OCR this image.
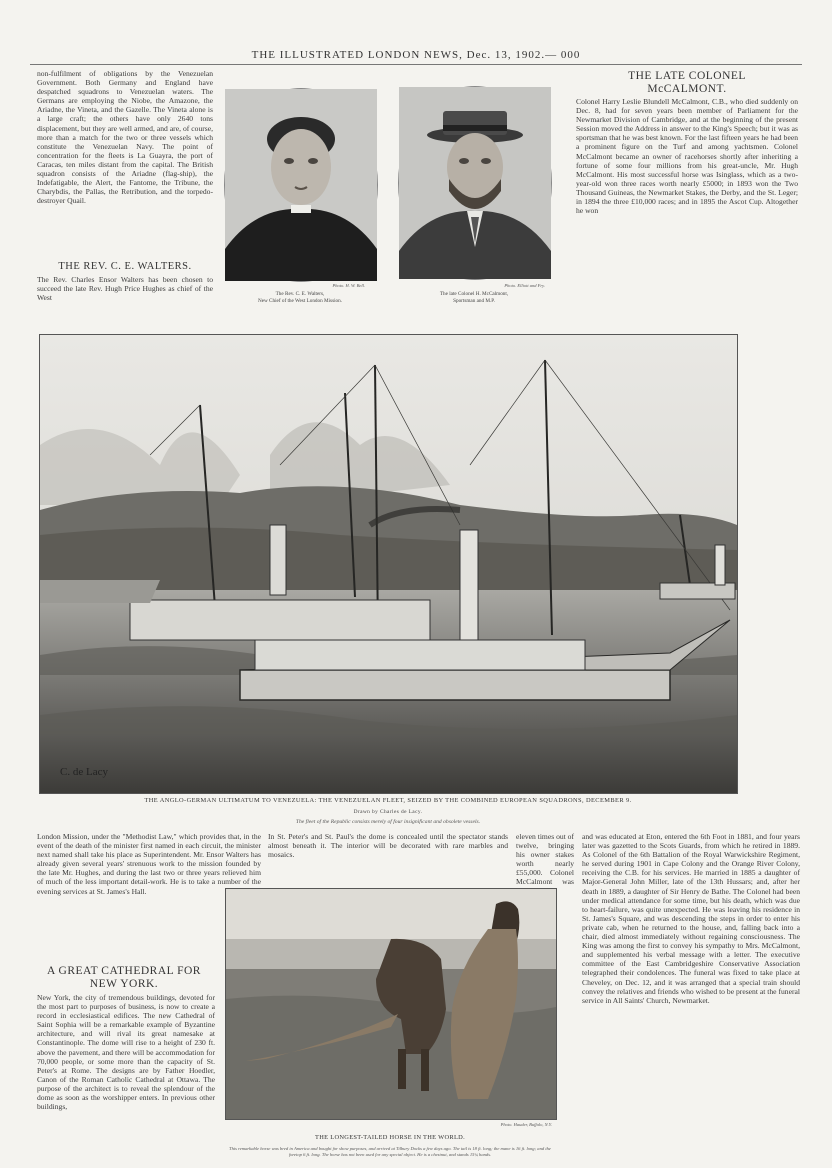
THE ILLUSTRATED LONDON NEWS, Dec. 13, 1902.— 000
non-fulfilment of obligations by the Venezuelan Government. Both Germany and England have despatched squadrons to Venezuelan waters. The Germans are employing the Niobe, the Amazone, the Ariadne, the Vineta, and the Gazelle. The Vineta alone is a large craft; the others have only 2640 tons displacement, but they are well armed, and are, of course, more than a match for the two or three vessels which constitute the Venezuelan Navy. The point of concentration for the fleets is La Guayra, the port of Caracas, ten miles distant from the capital. The British squadron consists of the Ariadne (flag-ship), the Indefatigable, the Alert, the Fantome, the Tribune, the Charybdis, the Pallas, the Retribution, and the torpedo-destroyer Quail.
THE REV. C. E. WALTERS.
The Rev. Charles Ensor Walters has been chosen to succeed the late Rev. Hugh Price Hughes as chief of the West
Photo. H. W. Bell.
The Rev. C. E. Walters,
New Chief of the West London Mission.
Photo. Elliott and Fry.
The late Colonel H. McCalmont,
Sportsman and M.P.
THE LATE COLONEL
McCALMONT.
Colonel Harry Leslie Blundell McCalmont, C.B., who died suddenly on Dec. 8, had for seven years been member of Parliament for the Newmarket Division of Cambridge, and at the beginning of the present Session moved the Address in answer to the King's Speech; but it was as sportsman that he was best known. For the last fifteen years he had been a prominent figure on the Turf and among yachtsmen. Colonel McCalmont became an owner of racehorses shortly after inheriting a fortune of some four millions from his great-uncle, Mr. Hugh McCalmont. His most successful horse was Isinglass, which as a two-year-old won three races worth nearly £5000; in 1893 won the Two Thousand Guineas, the Newmarket Stakes, the Derby, and the St. Leger; in 1894 the three £10,000 races; and in 1895 the Ascot Cup. Altogether he won
C. de Lacy
THE ANGLO-GERMAN ULTIMATUM TO VENEZUELA: THE VENEZUELAN FLEET, SEIZED BY THE COMBINED EUROPEAN SQUADRONS, DECEMBER 9.
Drawn by Charles de Lacy.
The fleet of the Republic consists merely of four insignificant and obsolete vessels.
London Mission, under the "Methodist Law," which provides that, in the event of the death of the minister first named in each circuit, the minister next named shall take his place as Superintendent. Mr. Ensor Walters has already given several years' strenuous work to the mission founded by the late Mr. Hughes, and during the last two or three years relieved him of much of the less important detail-work. He is to take a number of the evening services at St. James's Hall.
In St. Peter's and St. Paul's the dome is concealed until the spectator stands almost beneath it. The interior will be decorated with rare marbles and mosaics.
eleven times out of twelve, bringing his owner stakes worth nearly £55,000. Colonel McCalmont was
A GREAT CATHEDRAL FOR
NEW YORK.
New York, the city of tremendous buildings, devoted for the most part to purposes of business, is now to create a record in ecclesiastical edifices. The new Cathedral of Saint Sophia will be a remarkable example of Byzantine architecture, and will rival its great namesake at Constantinople. The dome will rise to a height of 230 ft. above the pavement, and there will be accommodation for 70,000 people, or some more than the capacity of St. Peter's at Rome. The designs are by Father Hoedler, Canon of the Roman Catholic Cathedral at Ottawa. The purpose of the architect is to reveal the splendour of the dome as soon as the worshipper enters. In previous other buildings,
Photo. Hauder, Buffalo, N.Y.
THE LONGEST-TAILED HORSE IN THE WORLD.
This remarkable horse was bred in America and bought for show purposes, and arrived at Tilbury Docks a few days ago. The tail is 18 ft. long; the mane is 16 ft. long; and the foretop 6 ft. long. The horse has not been used for any special object. He is a chestnut, and stands 15¼ hands.
and was educated at Eton, entered the 6th Foot in 1881, and four years later was gazetted to the Scots Guards, from which he retired in 1889. As Colonel of the 6th Battalion of the Royal Warwickshire Regiment, he served during 1901 in Cape Colony and the Orange River Colony, receiving the C.B. for his services. He married in 1885 a daughter of Major-General John Miller, late of the 13th Hussars; and, after her death in 1889, a daughter of Sir Henry de Bathe. The Colonel had been under medical attendance for some time, but his death, which was due to heart-failure, was quite unexpected. He was leaving his residence in St. James's Square, and was descending the steps in order to enter his private cab, when he returned to the house, and, falling back into a chair, died almost immediately without regaining consciousness. The King was among the first to convey his sympathy to Mrs. McCalmont, and supplemented his verbal message with a letter. The executive committee of the East Cambridgeshire Conservative Association telegraphed their condolences. The funeral was fixed to take place at Cheveley, on Dec. 12, and it was arranged that a special train should convey the relatives and friends who wished to be present at the funeral service in All Saints' Church, Newmarket.
